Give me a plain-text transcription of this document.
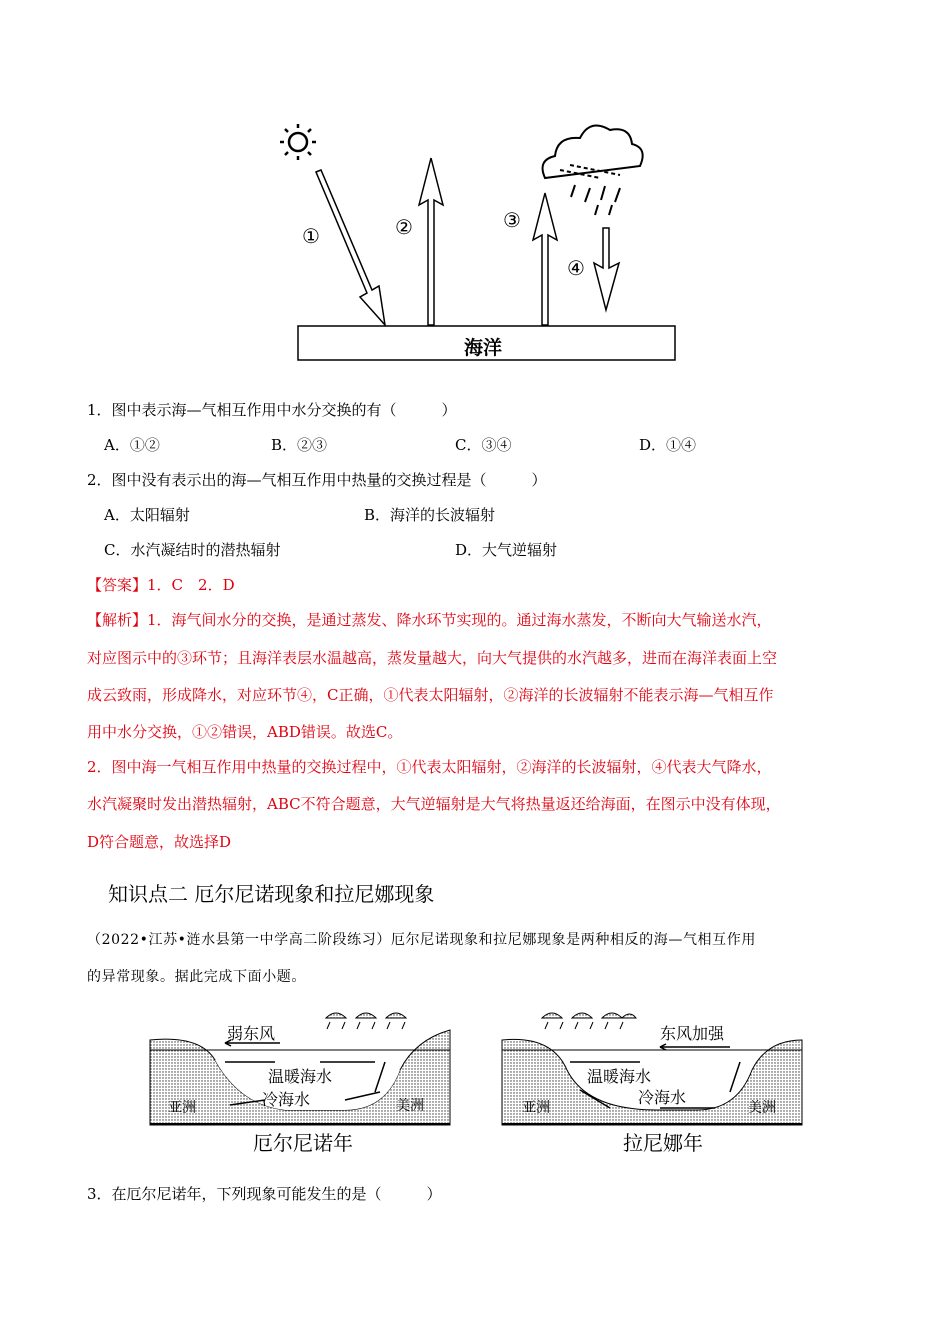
①	②	③
④
海洋
1．图中表示海—气相互作用中水分交换的有（　　　）
A．①②	B．②③	C．③④	D．①④
2．图中没有表示出的海—气相互作用中热量的交换过程是（　　　）
A．太阳辐射	B．海洋的长波辐射
C．水汽凝结时的潜热辐射	D．大气逆辐射
【答案】1．C　2．D
【解析】1．海气间水分的交换，是通过蒸发、降水环节实现的。通过海水蒸发，不断向大气输送水汽，
对应图示中的③环节；且海洋表层水温越高，蒸发量越大，向大气提供的水汽越多，进而在海洋表面上空
成云致雨，形成降水，对应环节④，C正确，①代表太阳辐射，②海洋的长波辐射不能表示海—气相互作
用中水分交换，①②错误，ABD错误。故选C。
2．图中海一气相互作用中热量的交换过程中，①代表太阳辐射，②海洋的长波辐射，④代表大气降水，
水汽凝聚时发出潜热辐射，ABC不符合题意，大气逆辐射是大气将热量返还给海面，在图示中没有体现，
D符合题意，故选择D
知识点二 厄尔尼诺现象和拉尼娜现象
（2022•江苏•涟水县第一中学高二阶段练习）厄尔尼诺现象和拉尼娜现象是两种相反的海—气相互作用
的异常现象。据此完成下面小题。
弱东风
温暖海水
冷海水
亚洲	美洲
厄尔尼诺年
东风加强
温暖海水
冷海水
亚洲	美洲
拉尼娜年
3．在厄尔尼诺年，下列现象可能发生的是（　　　）
